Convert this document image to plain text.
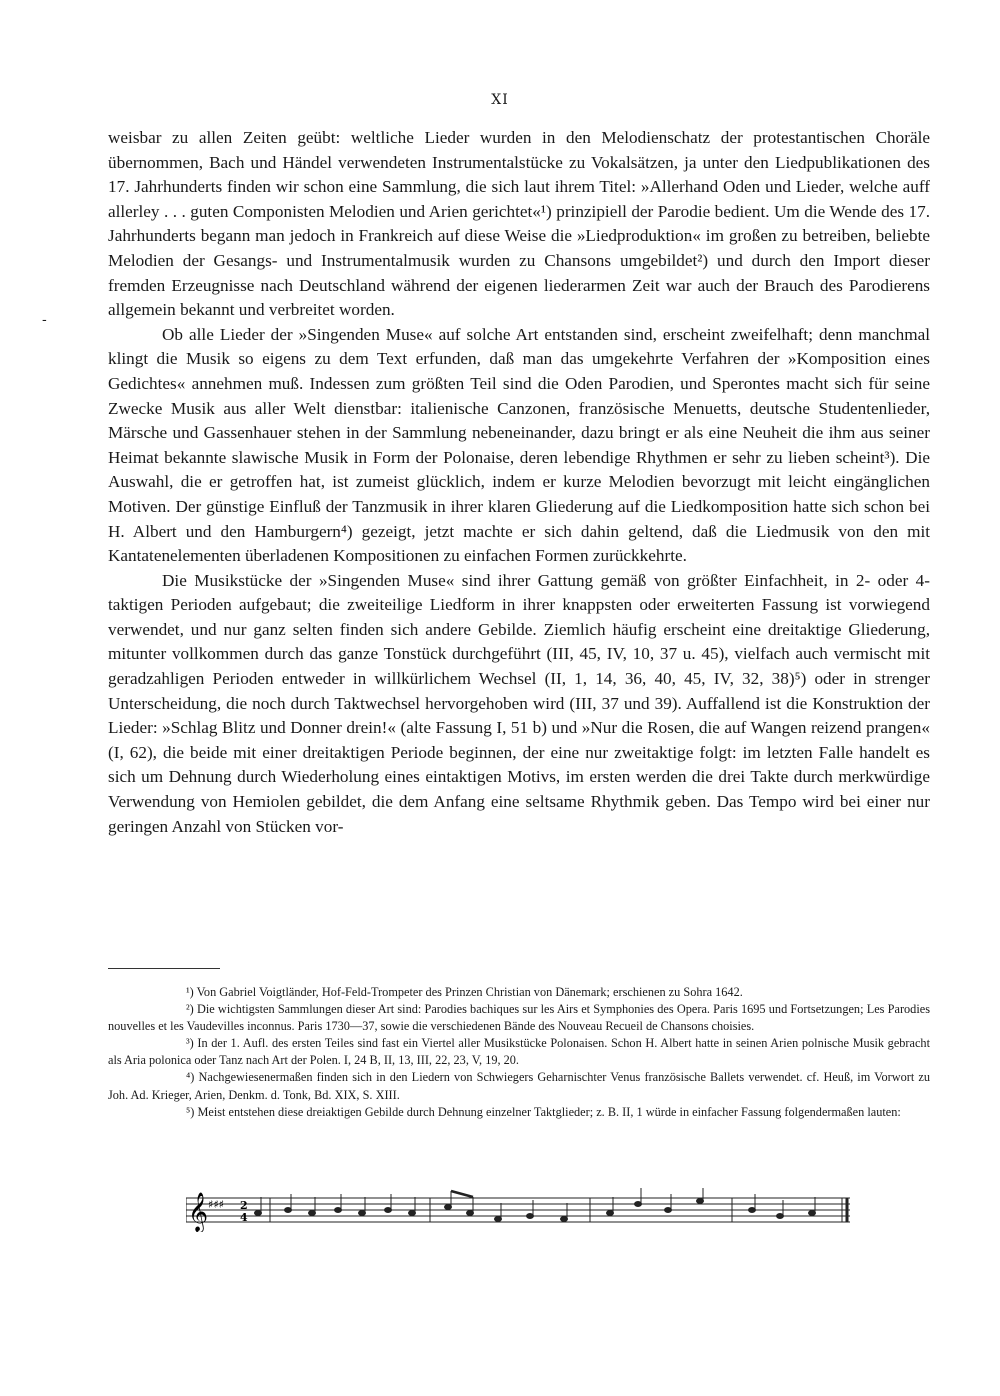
XI
-

weisbar zu allen Zeiten geübt: weltliche Lieder wurden in den Melodienschatz der protestantischen Choräle übernommen, Bach und Händel verwendeten Instrumentalstücke zu Vokalsätzen, ja unter den Liedpublikationen des 17. Jahrhunderts finden wir schon eine Sammlung, die sich laut ihrem Titel: »Allerhand Oden und Lieder, welche auff allerley . . . guten Componisten Melodien und Arien gerichtet«¹) prinzipiell der Parodie bedient. Um die Wende des 17. Jahrhunderts begann man jedoch in Frankreich auf diese Weise die »Liedproduktion« im großen zu betreiben, beliebte Melodien der Gesangs- und Instrumentalmusik wurden zu Chansons umgebildet²) und durch den Import dieser fremden Erzeugnisse nach Deutschland während der eigenen liederarmen Zeit war auch der Brauch des Parodierens allgemein bekannt und verbreitet worden.

Ob alle Lieder der »Singenden Muse« auf solche Art entstanden sind, erscheint zweifelhaft; denn manchmal klingt die Musik so eigens zu dem Text erfunden, daß man das umgekehrte Verfahren der »Komposition eines Gedichtes« annehmen muß. Indessen zum größten Teil sind die Oden Parodien, und Sperontes macht sich für seine Zwecke Musik aus aller Welt dienstbar: italienische Canzonen, französische Menuetts, deutsche Studentenlieder, Märsche und Gassenhauer stehen in der Sammlung nebeneinander, dazu bringt er als eine Neuheit die ihm aus seiner Heimat bekannte slawische Musik in Form der Polonaise, deren lebendige Rhythmen er sehr zu lieben scheint³). Die Auswahl, die er getroffen hat, ist zumeist glücklich, indem er kurze Melodien bevorzugt mit leicht eingänglichen Motiven. Der günstige Einfluß der Tanzmusik in ihrer klaren Gliederung auf die Liedkomposition hatte sich schon bei H. Albert und den Hamburgern⁴) gezeigt, jetzt machte er sich dahin geltend, daß die Liedmusik von den mit Kantatenelementen überladenen Kompositionen zu einfachen Formen zurückkehrte.

Die Musikstücke der »Singenden Muse« sind ihrer Gattung gemäß von größter Einfachheit, in 2- oder 4-taktigen Perioden aufgebaut; die zweiteilige Liedform in ihrer knappsten oder erweiterten Fassung ist vorwiegend verwendet, und nur ganz selten finden sich andere Gebilde. Ziemlich häufig erscheint eine dreitaktige Gliederung, mitunter vollkommen durch das ganze Tonstück durchgeführt (III, 45, IV, 10, 37 u. 45), vielfach auch vermischt mit geradzahligen Perioden entweder in willkürlichem Wechsel (II, 1, 14, 36, 40, 45, IV, 32, 38)⁵) oder in strenger Unterscheidung, die noch durch Taktwechsel hervorgehoben wird (III, 37 und 39). Auffallend ist die Konstruktion der Lieder: »Schlag Blitz und Donner drein!« (alte Fassung I, 51 b) und »Nur die Rosen, die auf Wangen reizend prangen« (I, 62), die beide mit einer dreitaktigen Periode beginnen, der eine nur zweitaktige folgt: im letzten Falle handelt es sich um Dehnung durch Wiederholung eines eintaktigen Motivs, im ersten werden die drei Takte durch merkwürdige Verwendung von Hemiolen gebildet, die dem Anfang eine seltsame Rhythmik geben. Das Tempo wird bei einer nur geringen Anzahl von Stücken vor-

¹) Von Gabriel Voigtländer, Hof-Feld-Trompeter des Prinzen Christian von Dänemark; erschienen zu Sohra 1642.

²) Die wichtigsten Sammlungen dieser Art sind: Parodies bachiques sur les Airs et Symphonies des Opera. Paris 1695 und Fortsetzungen; Les Parodies nouvelles et les Vaudevilles inconnus. Paris 1730—37, sowie die verschiedenen Bände des Nouveau Recueil de Chansons choisies.

³) In der 1. Aufl. des ersten Teiles sind fast ein Viertel aller Musikstücke Polonaisen. Schon H. Albert hatte in seinen Arien polnische Musik gebracht als Aria polonica oder Tanz nach Art der Polen. I, 24 B, II, 13, III, 22, 23, V, 19, 20.

⁴) Nachgewiesenermaßen finden sich in den Liedern von Schwiegers Geharnischter Venus französische Ballets verwendet. cf. Heuß, im Vorwort zu Joh. Ad. Krieger, Arien, Denkm. d. Tonk, Bd. XIX, S. XIII.

⁵) Meist entstehen diese dreiaktigen Gebilde durch Dehnung einzelner Taktglieder; z. B. II, 1 würde in einfacher Fassung folgendermaßen lauten:

𝄞 ♯♯♯ 2
4
